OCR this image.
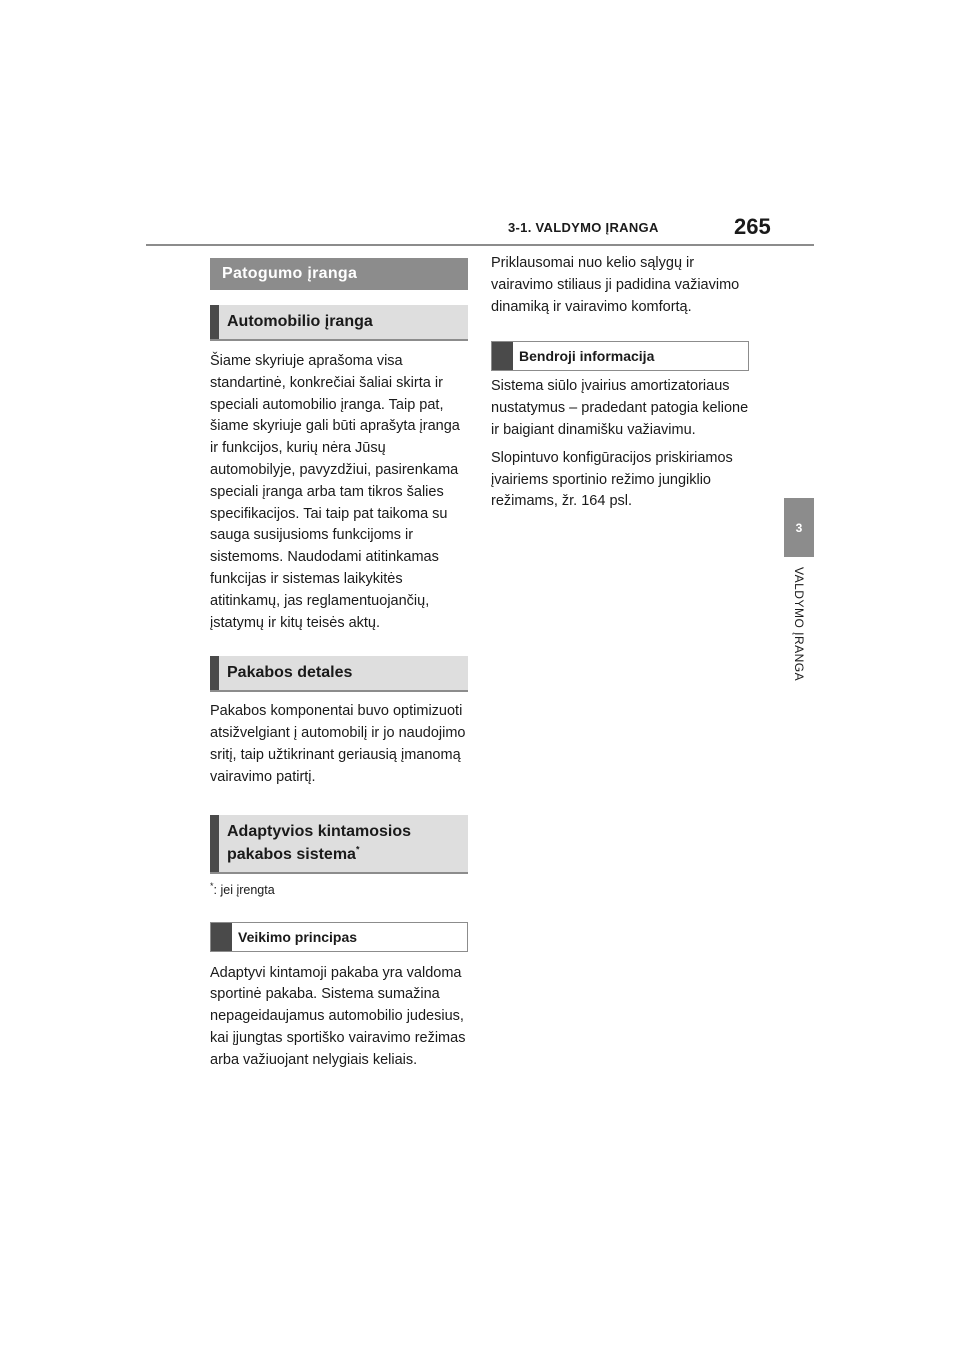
3-1. VALDYMO ĮRANGA	265
3
VALDYMO ĮRANGA
Patogumo įranga
Automobilio įranga

Šiame skyriuje aprašoma visa standartinė, konkrečiai šaliai skirta ir speciali automobilio įranga. Taip pat, šiame skyriuje gali būti aprašyta įranga ir funkcijos, kurių nėra Jūsų automobilyje, pavyzdžiui, pasirenkama speciali įranga arba tam tikros šalies specifikacijos. Tai taip pat taikoma su sauga susijusioms funkcijoms ir sistemoms. Naudodami atitinkamas funkcijas ir sistemas laikykitės atitinkamų, jas reglamentuojančių, įstatymų ir kitų teisės aktų.

Pakabos detales

Pakabos komponentai buvo optimizuoti atsižvelgiant į automobilį ir jo naudojimo sritį, taip užtikrinant geriausią įmanomą vairavimo patirtį.

Adaptyvios kintamosios
pakabos sistema*
*: jei įrengta
Veikimo principas

Adaptyvi kintamoji pakaba yra valdoma sportinė pakaba. Sistema sumažina nepageidaujamus automobilio judesius, kai įjungtas sportiško vairavimo režimas arba važiuojant nelygiais keliais.

Priklausomai nuo kelio sąlygų ir vairavimo stiliaus ji padidina važiavimo dinamiką ir vairavimo komfortą.

Bendroji informacija

Sistema siūlo įvairius amortizatoriaus nustatymus – pradedant patogia kelione ir baigiant dinamišku važiavimu.

Slopintuvo konfigūracijos priskiriamos įvairiems sportinio režimo jungiklio režimams, žr. 164 psl.
